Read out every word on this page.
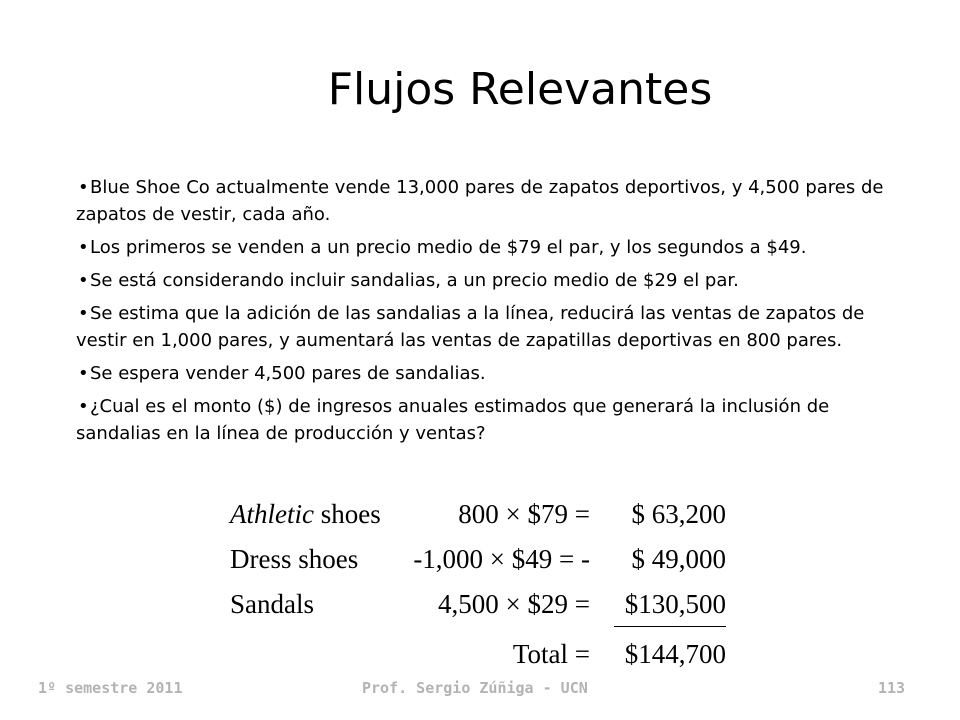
Flujos Relevantes
•Blue Shoe Co actualmente vende 13,000 pares de zapatos deportivos, y 4,500 pares de zapatos de vestir, cada año.
•Los primeros se venden a un precio medio de $79 el par, y los segundos a $49.
•Se está considerando incluir sandalias, a un precio medio de $29 el par.
•Se estima que la adición de las sandalias a la línea, reducirá las ventas de zapatos de vestir en 1,000 pares, y aumentará las ventas de zapatillas deportivas en 800 pares.
•Se espera vender 4,500 pares de sandalias.
•¿Cual es el monto ($) de ingresos anuales estimados que generará la inclusión de sandalias en la línea de producción y ventas?
Athletic shoes	800 × $79 = $ 63,200
Dress shoes -1,000 × $49 = - $ 49,000
Sandals	4,500 × $29 = $130,500
Total = $144,700
1º semestre 2011	Prof. Sergio Zúñiga - UCN	113
